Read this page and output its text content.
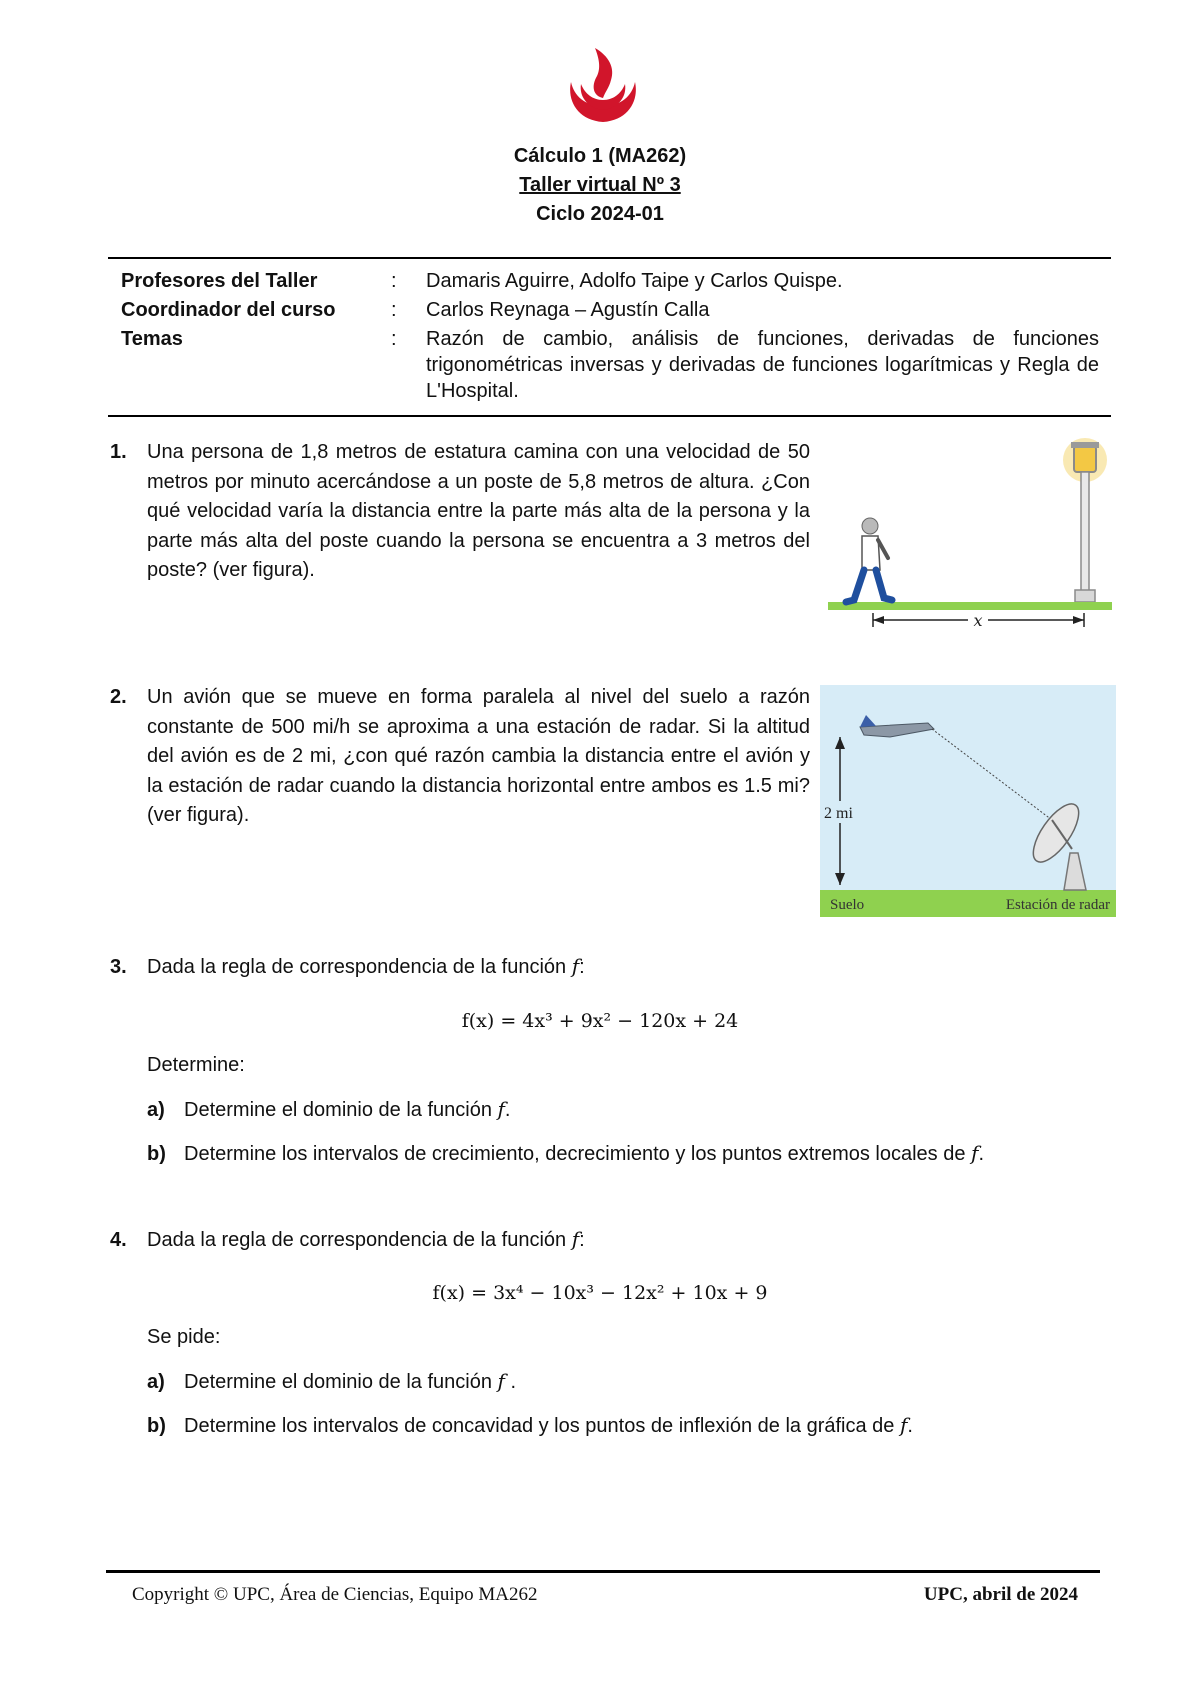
Cálculo 1 (MA262)
Taller virtual Nº 3
Ciclo 2024-01
Profesores del Taller	:	Damaris Aguirre, Adolfo Taipe y Carlos Quispe.
Coordinador del curso	:	Carlos Reynaga – Agustín Calla
Temas	:	Razón de cambio, análisis de funciones, derivadas de funciones trigonométricas inversas y derivadas de funciones logarítmicas y Regla de L'Hospital.
1. Una persona de 1,8 metros de estatura camina con una velocidad de 50 metros por minuto acercándose a un poste de 5,8 metros de altura. ¿Con qué velocidad varía la distancia entre la parte más alta de la persona y la parte más alta del poste cuando la persona se encuentra a 3 metros del poste? (ver figura).
x
2. Un avión que se mueve en forma paralela al nivel del suelo a razón constante de 500 mi/h se aproxima a una estación de radar. Si la altitud del avión es de 2 mi, ¿con qué razón cambia la distancia entre el avión y la estación de radar cuando la distancia horizontal entre ambos es 1.5 mi? (ver figura).	2 mi
Suelo	Estación de radar
3. Dada la regla de correspondencia de la función f:
f(x) = 4x³ + 9x² − 120x + 24
Determine:
a) Determine el dominio de la función f.
b) Determine los intervalos de crecimiento, decrecimiento y los puntos extremos locales de f.
4. Dada la regla de correspondencia de la función f:
f(x) = 3x⁴ − 10x³ − 12x² + 10x + 9
Se pide:
a) Determine el dominio de la función f .
b) Determine los intervalos de concavidad y los puntos de inflexión de la gráfica de f.
Copyright © UPC, Área de Ciencias, Equipo MA262	UPC, abril de 2024
